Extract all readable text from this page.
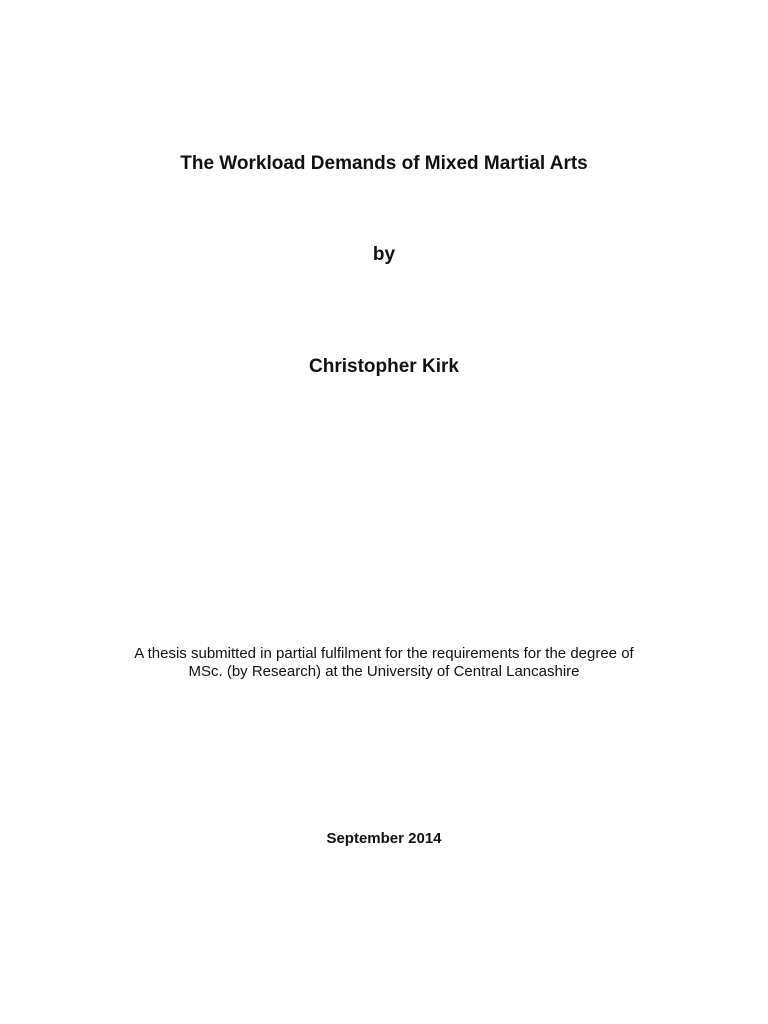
The Workload Demands of Mixed Martial Arts
by
Christopher Kirk
A thesis submitted in partial fulfilment for the requirements for the degree of
MSc. (by Research) at the University of Central Lancashire
September 2014
